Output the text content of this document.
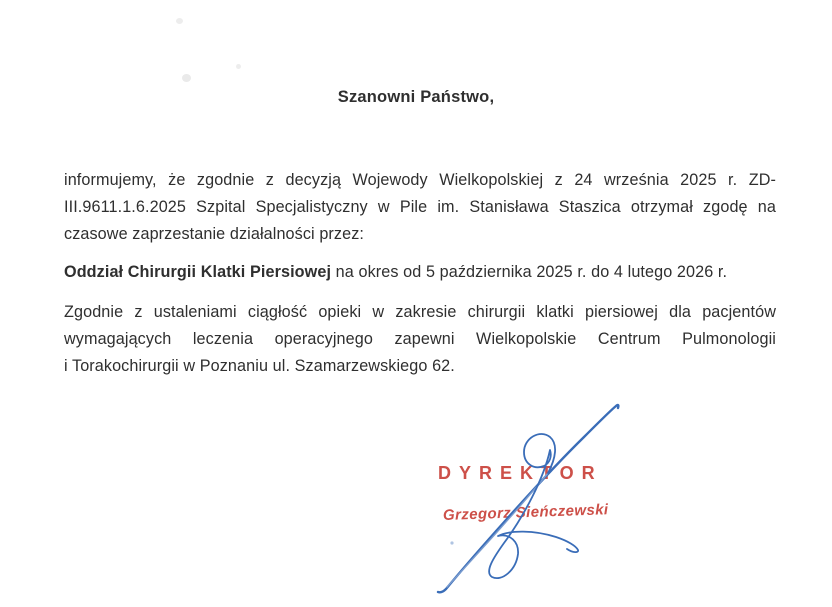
Szanowni Państwo,
informujemy, że zgodnie z decyzją Wojewody Wielkopolskiej z 24 września 2025 r. ZD-
III.9611.1.6.2025 Szpital Specjalistyczny w Pile im. Stanisława Staszica otrzymał zgodę na
czasowe zaprzestanie działalności przez:
Oddział Chirurgii Klatki Piersiowej na okres od 5 października 2025 r. do 4 lutego 2026 r.
Zgodnie z ustaleniami ciągłość opieki w zakresie chirurgii klatki piersiowej dla pacjentów
wymagających leczenia operacyjnego zapewni Wielkopolskie Centrum Pulmonologii
i Torakochirurgii w Poznaniu ul. Szamarzewskiego 62.
DYREKTOR
Grzegorz Sieńczewski
